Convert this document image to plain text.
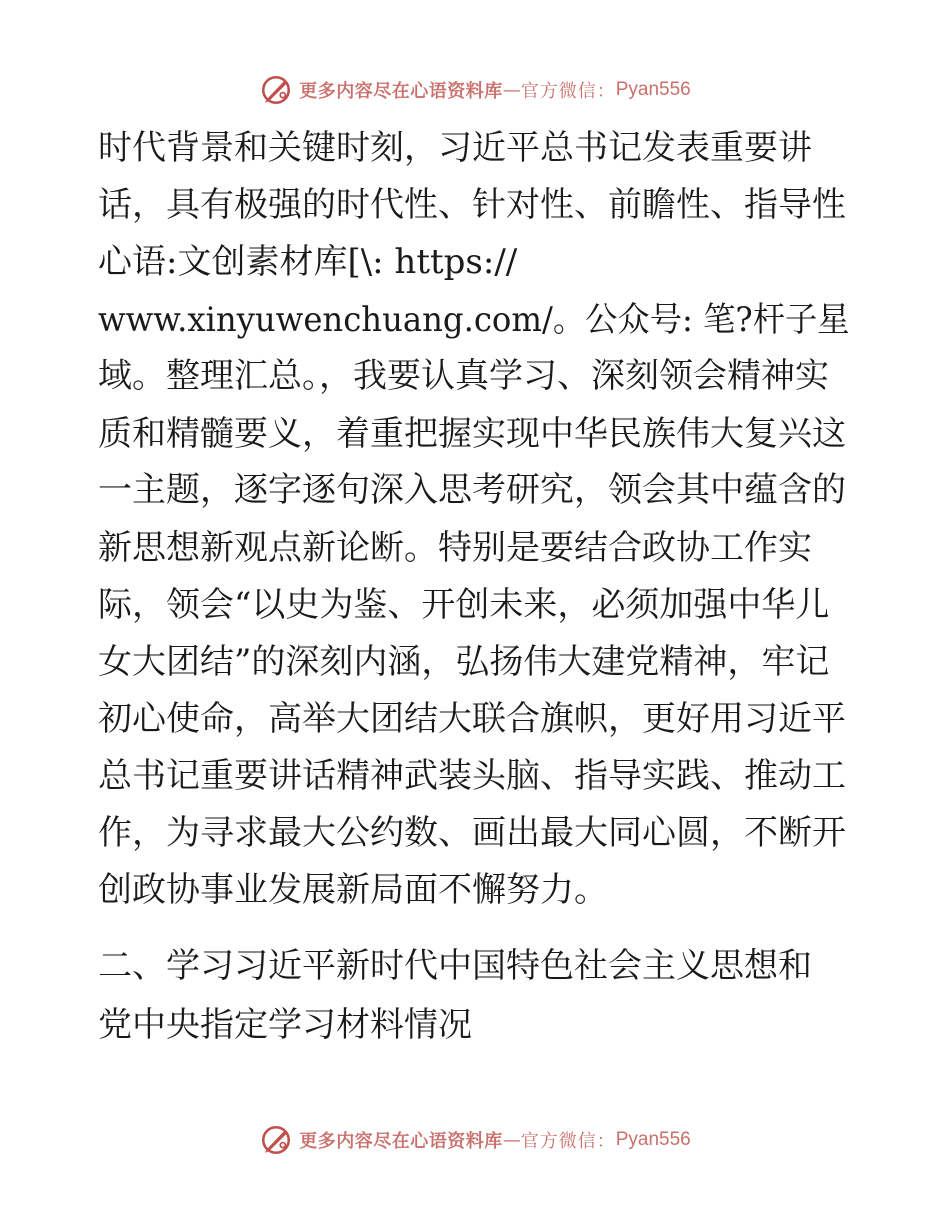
更多内容尽在心语资料库 — 官方微信： Pyan556
时代背景和关键时刻，习近平总书记发表重要讲
话，具有极强的时代性、针对性、前瞻性、指导性
心语:文创素材库[\: https://
www.xinyuwenchuang.com/。公众号: 笔?杆子星
域。整理汇总。，我要认真学习、深刻领会精神实
质和精髓要义，着重把握实现中华民族伟大复兴这
一主题，逐字逐句深入思考研究，领会其中蕴含的
新思想新观点新论断。特别是要结合政协工作实
际，领会“以史为鉴、开创未来，必须加强中华儿
女大团结”的深刻内涵，弘扬伟大建党精神，牢记
初心使命，高举大团结大联合旗帜，更好用习近平
总书记重要讲话精神武装头脑、指导实践、推动工
作，为寻求最大公约数、画出最大同心圆，不断开
创政协事业发展新局面不懈努力。
二、学习习近平新时代中国特色社会主义思想和
党中央指定学习材料情况
更多内容尽在心语资料库 — 官方微信： Pyan556
